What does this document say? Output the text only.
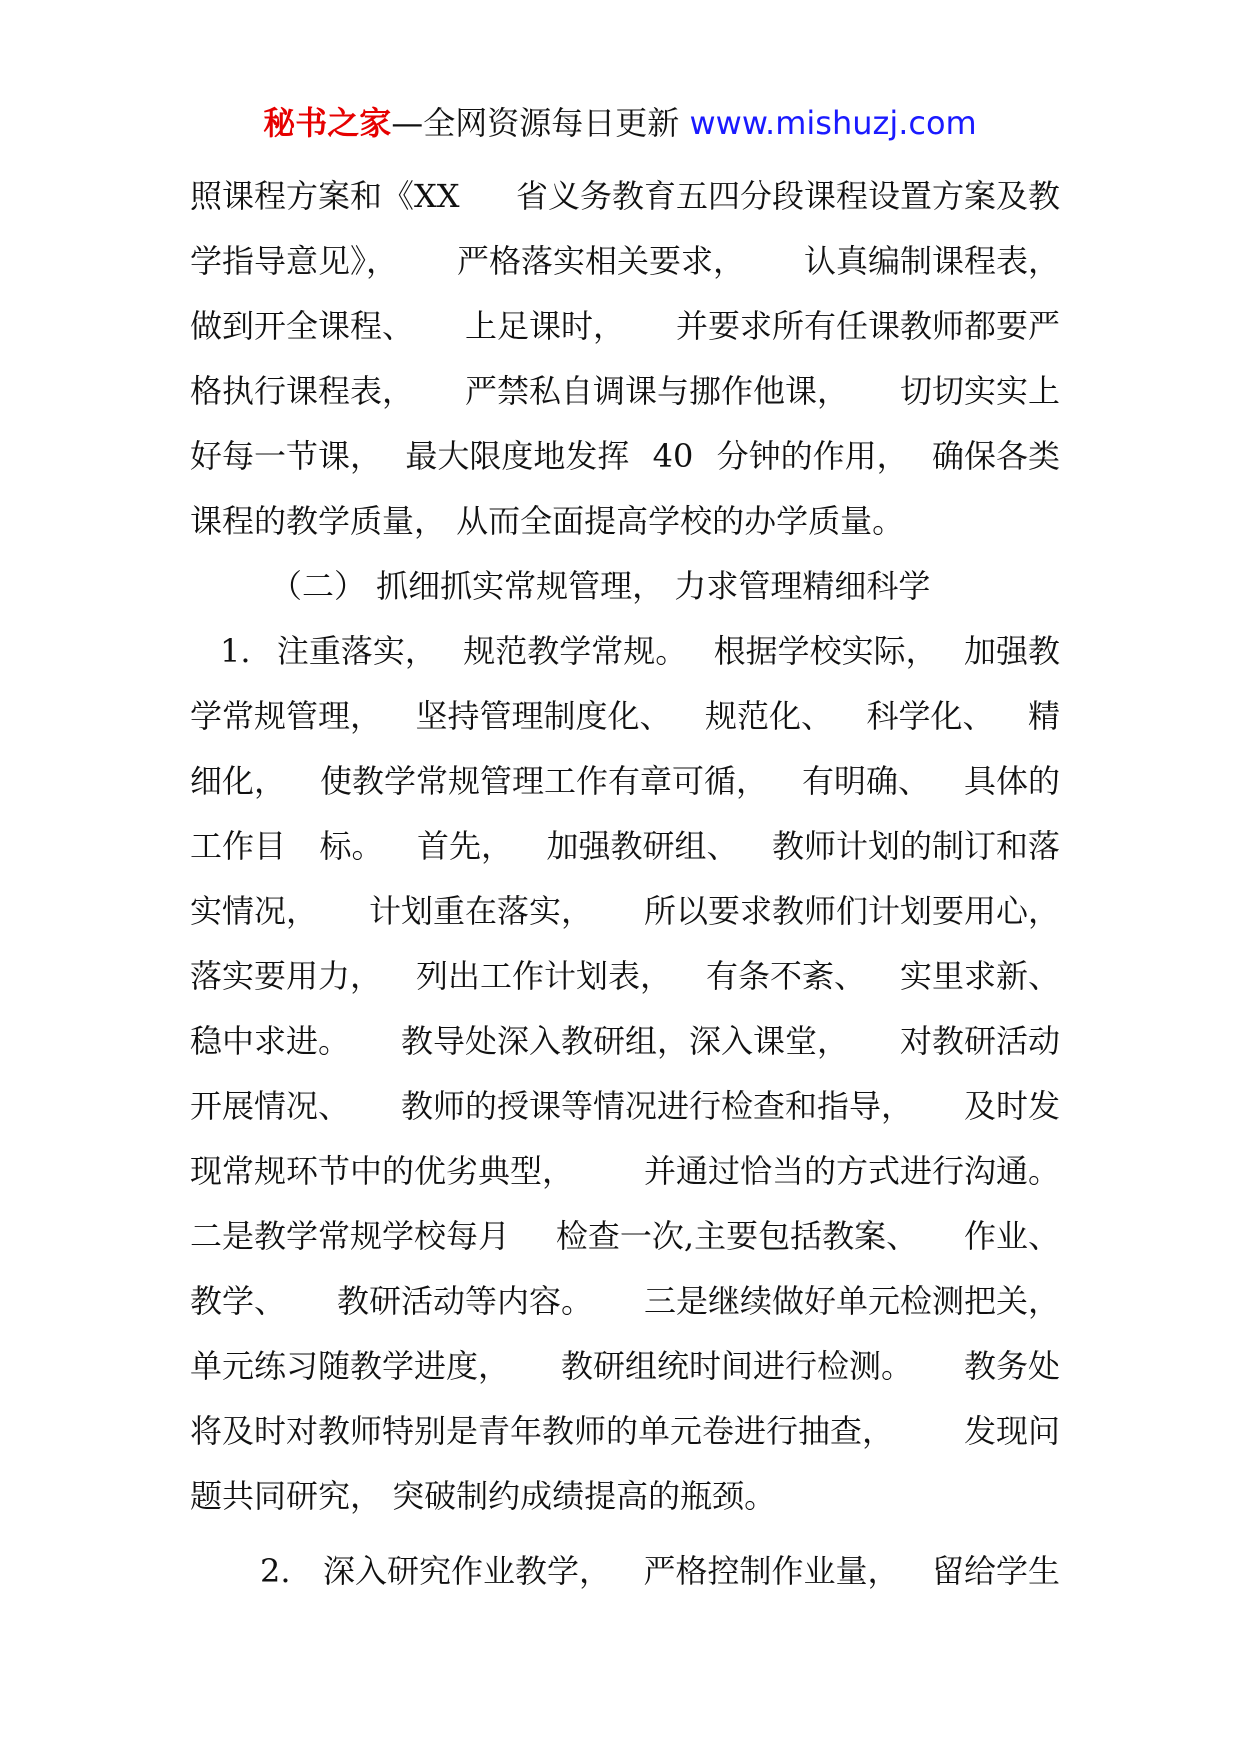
秘书之家—全网资源每日更新 www.mishuzj.com
照课程方案和《XX 省义务教育五四分段课程设置方案及教
学指导意见》， 严格落实相关要求， 认真编制课程表，
做到开全课程、 上足课时， 并要求所有任课教师都要严
格执行课程表， 严禁私自调课与挪作他课， 切切实实上
好每一节课， 最大限度地发挥 40 分钟的作用， 确保各类
课程的教学质量， 从而全面提高学校的办学质量。
（二） 抓细抓实常规管理， 力求管理精细科学
1. 注重落实， 规范教学常规。 根据学校实际， 加强教
学常规管理， 坚持管理制度化、 规范化、 科学化、 精
细化， 使教学常规管理工作有章可循， 有明确、 具体的
工作目 标。 首先， 加强教研组、 教师计划的制订和落
实情况， 计划重在落实， 所以要求教师们计划要用心，
落实要用力， 列出工作计划表， 有条不紊、 实里求新、
稳中求进。 教导处深入教研组，深入课堂， 对教研活动
开展情况、 教师的授课等情况进行检查和指导， 及时发
现常规环节中的优劣典型， 并通过恰当的方式进行沟通。
二是教学常规学校每月 检查一次,主要包括教案、 作业、
教学、 教研活动等内容。 三是继续做好单元检测把关，
单元练习随教学进度， 教研组统时间进行检测。 教务处
将及时对教师特别是青年教师的单元卷进行抽查， 发现问
题共同研究， 突破制约成绩提高的瓶颈。
2. 深入研究作业教学， 严格控制作业量， 留给学生
